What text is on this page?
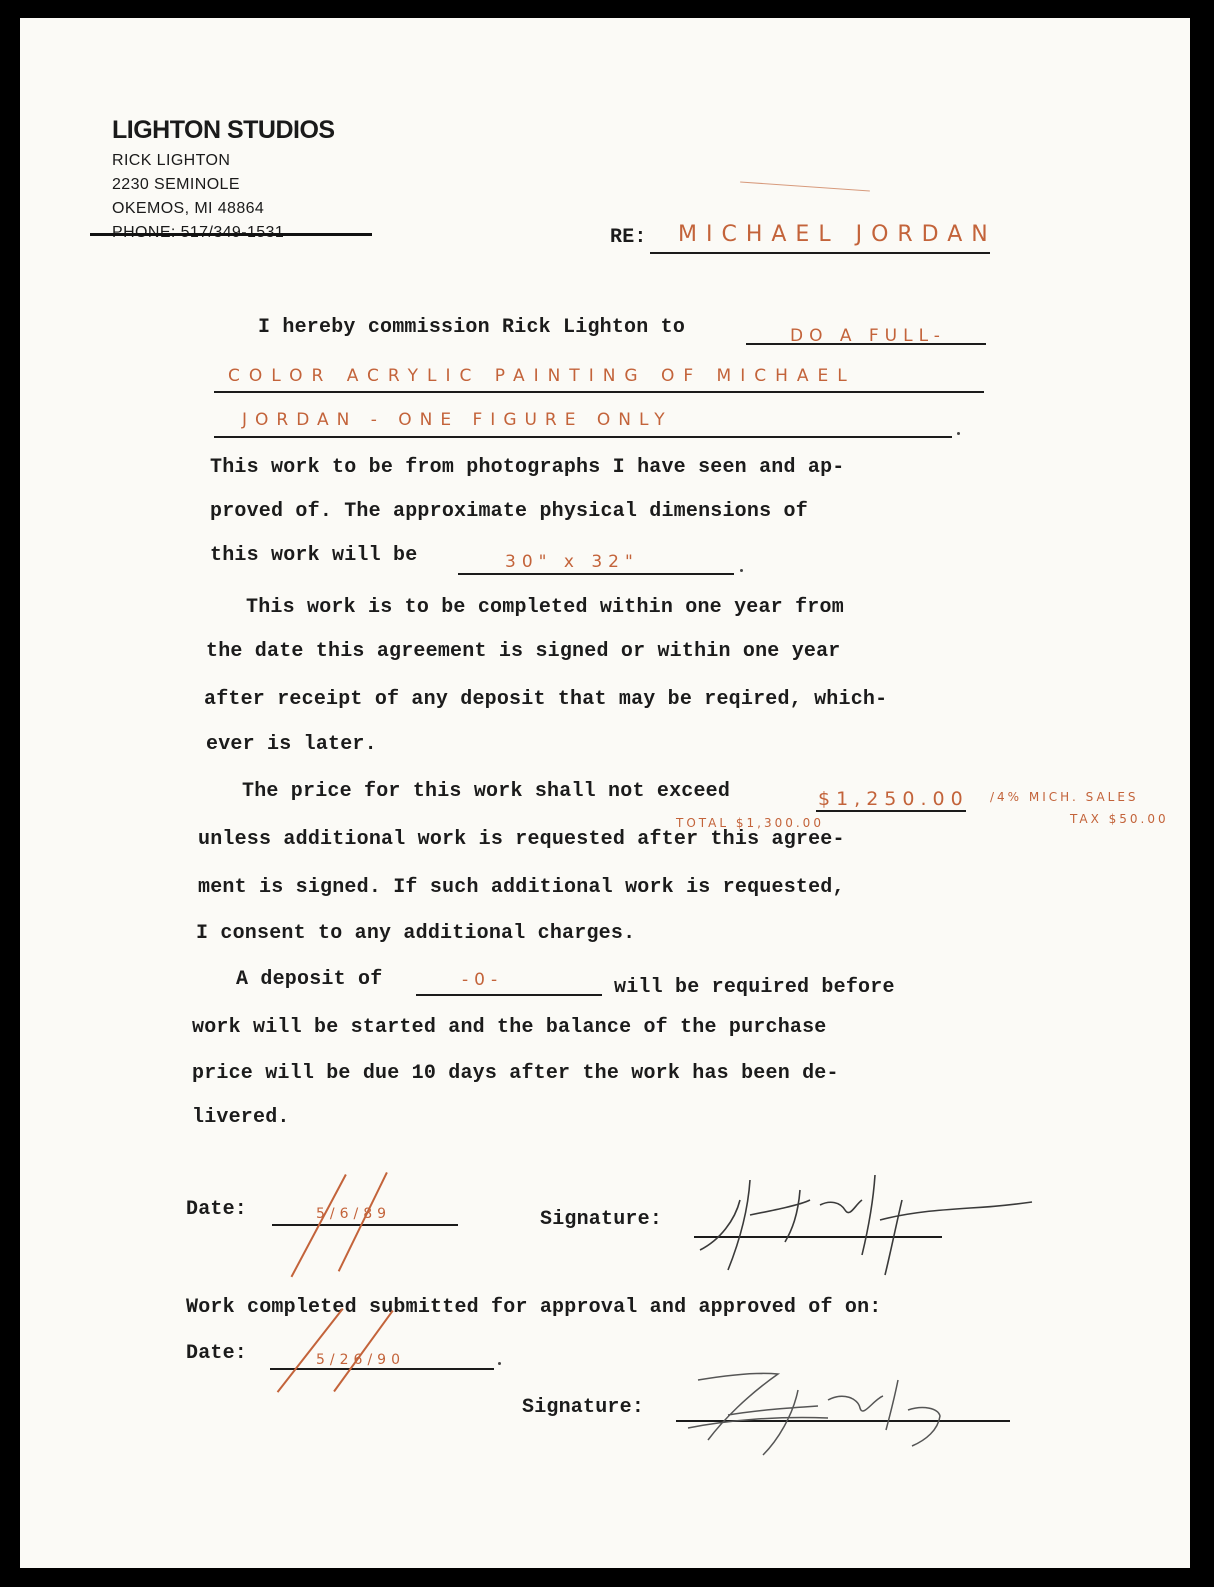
LIGHTON STUDIOS
RICK LIGHTON
2230 SEMINOLE
OKEMOS, MI 48864
RE: MICHAEL JORDAN
I hereby commission Rick Lighton to	DO A FULL-
COLOR ACRYLIC PAINTING OF MICHAEL
JORDAN - ONE FIGURE ONLY
This work to be from photographs I have seen and ap-
proved of. The approximate physical dimensions of
this work will be	30" x 32"
This work is to be completed within one year from
the date this agreement is signed or within one year
after receipt of any deposit that may be reqired, which-
ever is later.
The price for this work shall not exceed	$1,250.00 /4% MICH. SALES
TAX $50.00
TOTAL $1,300.00
unless additional work is requested after this agree-
ment is signed. If such additional work is requested,
I consent to any additional charges.
A deposit of	-0-	will be required before
work will be started and the balance of the purchase
price will be due 10 days after the work has been de-
livered.
Date:	5/6/89	Signature:
Work completed submitted for approval and approved of on:
Date:	5/26/90
Signature:
